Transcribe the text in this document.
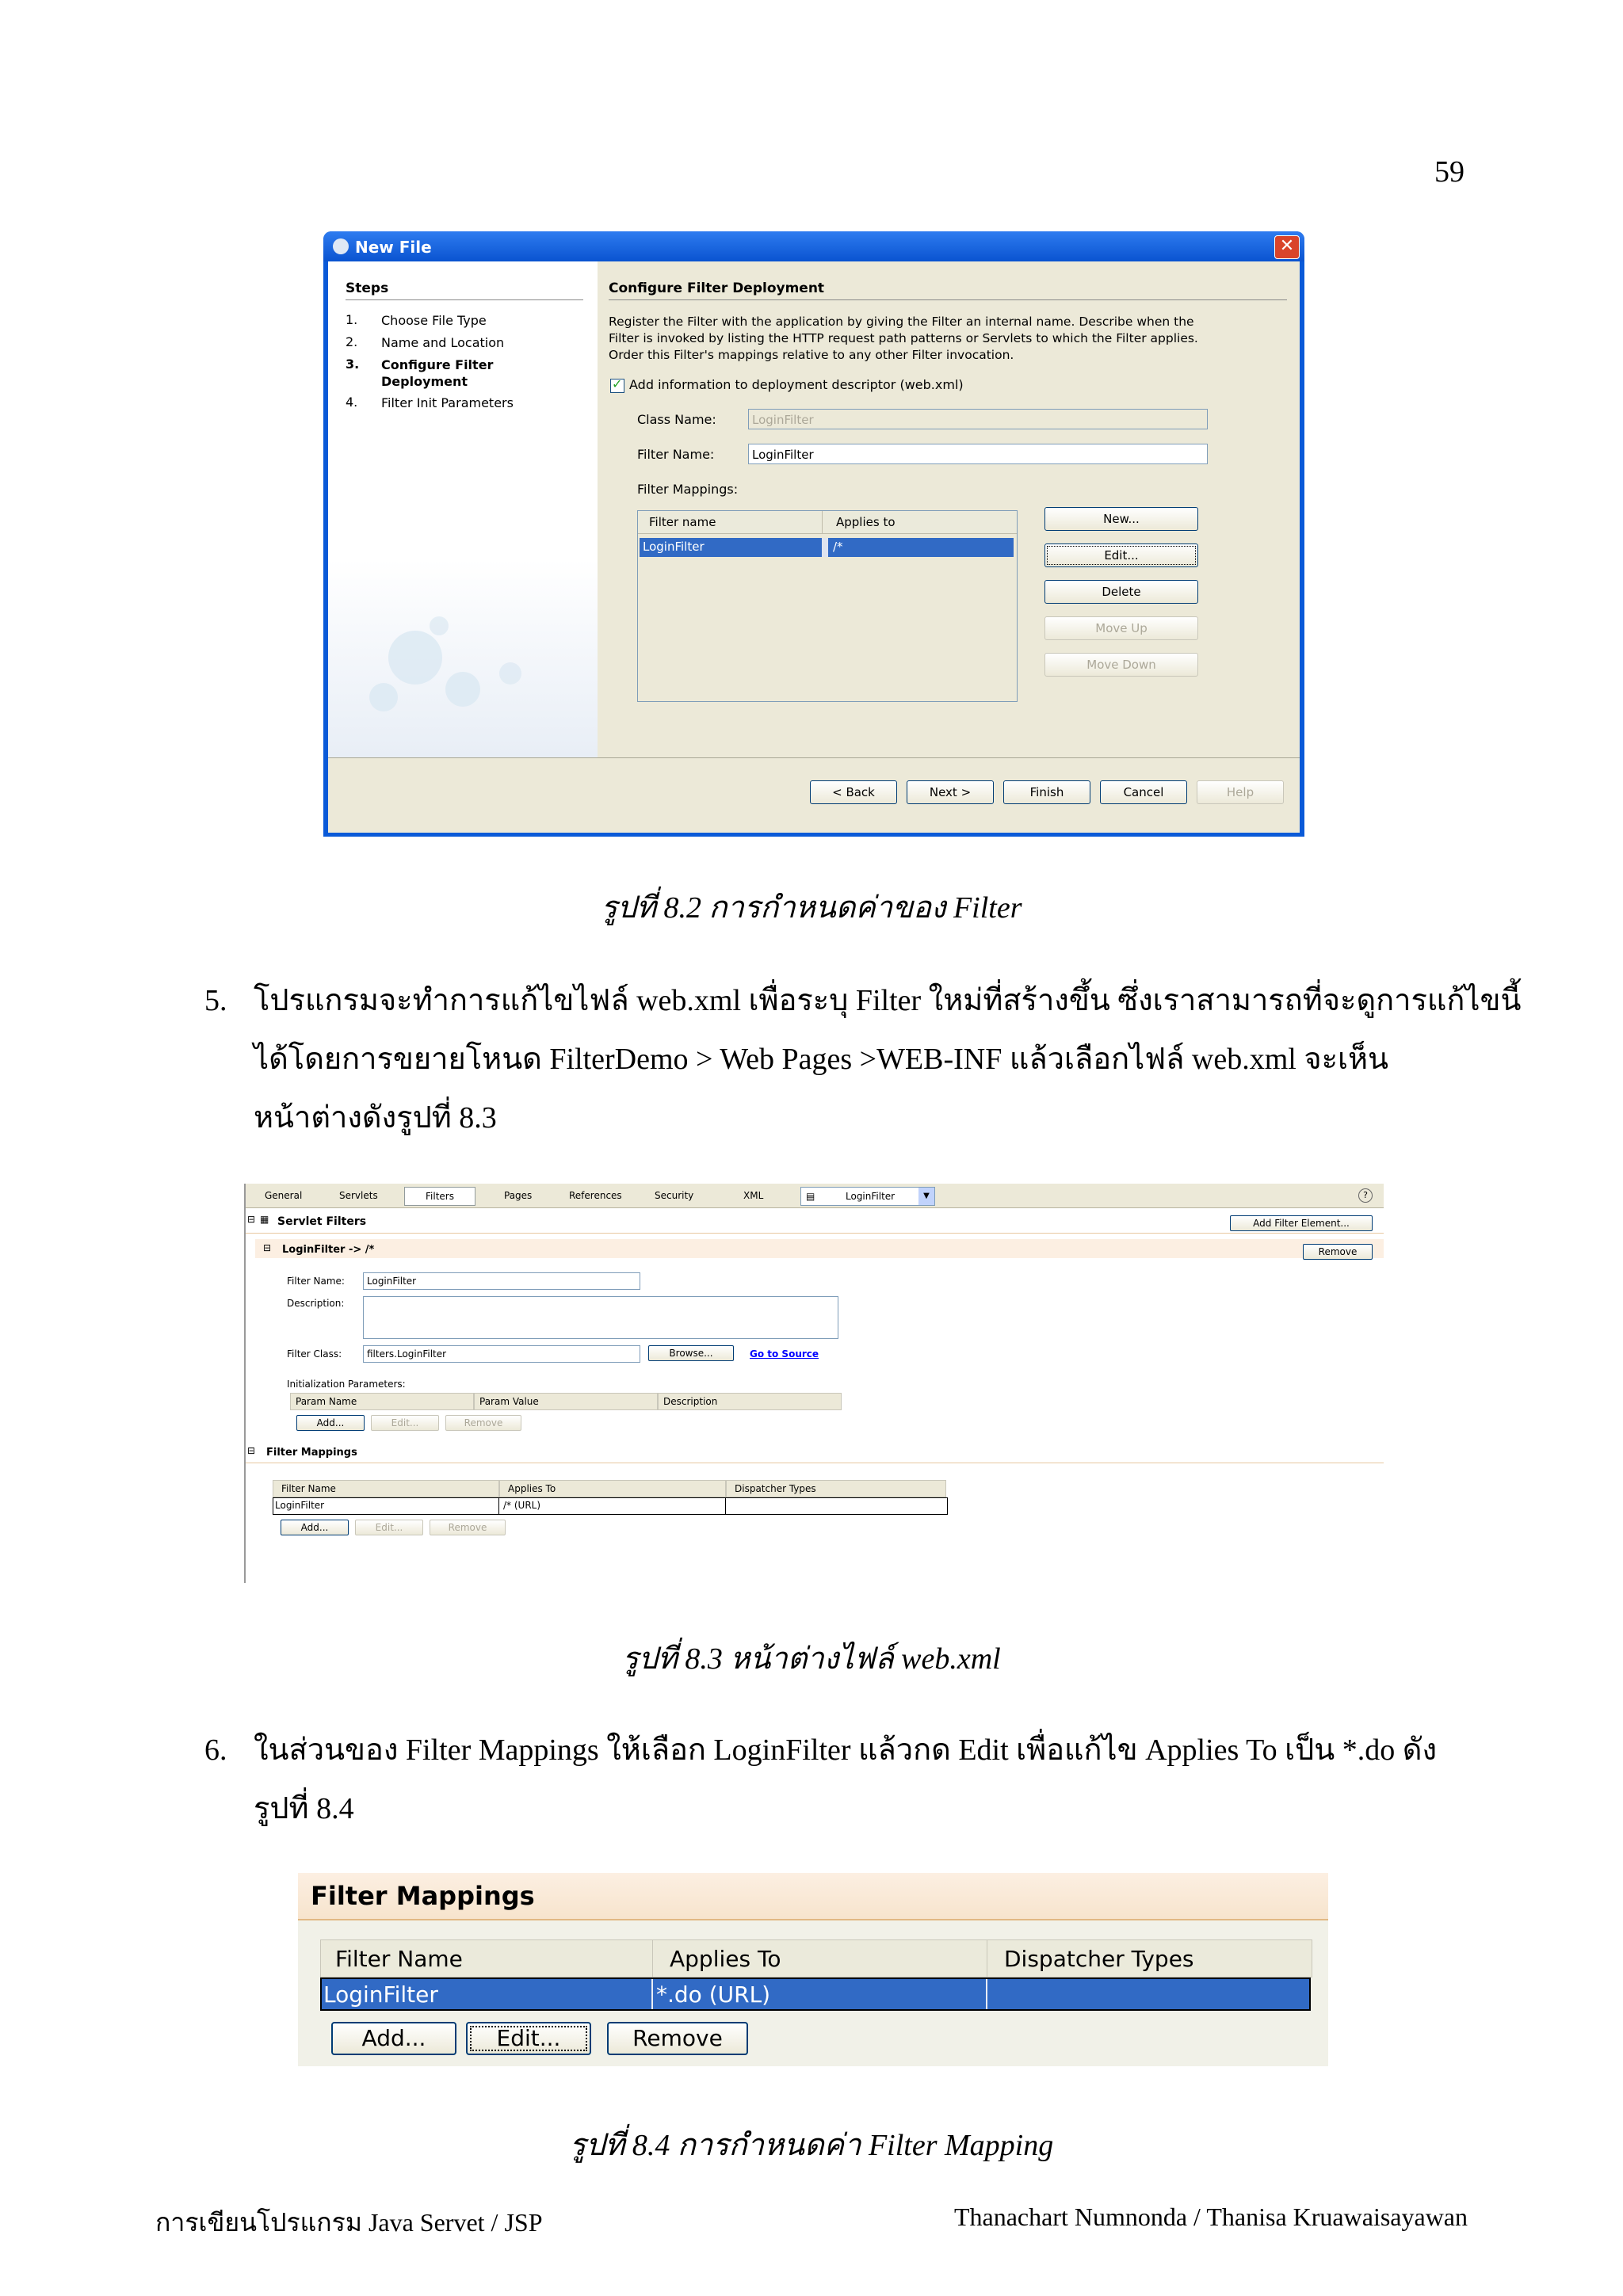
59
New File	✕
Steps
1. Choose File Type
2. Name and Location
3. Configure Filter Deployment
4. Filter Init Parameters
Configure Filter Deployment
Register the Filter with the application by giving the Filter an internal name. Describe when the Filter is invoked by listing the HTTP request path patterns or Servlets to which the Filter applies. Order this Filter's mappings relative to any other Filter invocation.
✓
Add information to deployment descriptor (web.xml)
Class Name:	LoginFilter
Filter Name:	LoginFilter
Filter Mappings:
Filter name	Applies to
LoginFilter	/*
New...
Edit...
Delete
Move Up
Move Down
< Back	Next >	Finish	Cancel	Help
รูปที่ 8.2 การกำหนดค่าของ Filter
5. โปรแกรมจะทำการแก้ไขไฟล์ web.xml เพื่อระบุ Filter ใหม่ที่สร้างขึ้น ซึ่งเราสามารถที่จะดูการแก้ไขนี้
ได้โดยการขยายโหนด FilterDemo > Web Pages >WEB-INF แล้วเลือกไฟล์ web.xml จะเห็น
หน้าต่างดังรูปที่ 8.3
General	Servlets	Filters	Pages	References	Security	XML	▤	LoginFilter	▼	?
⊟ ▦ Servlet Filters	Add Filter Element...
⊟ LoginFilter -> /*	Remove
Filter Name:	LoginFilter
Description:
Filter Class:	filters.LoginFilter	Browse...	Go to Source
Initialization Parameters:
Param Name	Param Value	Description
Add...	Edit...	Remove
⊟ Filter Mappings
Filter Name	Applies To	Dispatcher Types
LoginFilter	/* (URL)
Add...	Edit...	Remove
รูปที่ 8.3 หน้าต่างไฟล์ web.xml
6. ในส่วนของ Filter Mappings ให้เลือก LoginFilter แล้วกด Edit เพื่อแก้ไข Applies To เป็น *.do ดัง
รูปที่ 8.4
Filter Mappings
Filter Name	Applies To	Dispatcher Types
LoginFilter	*.do (URL)
Add...	Edit...	Remove
รูปที่ 8.4 การกำหนดค่า Filter Mapping
การเขียนโปรแกรม Java Servet / JSP	Thanachart Numnonda / Thanisa Kruawaisayawan
